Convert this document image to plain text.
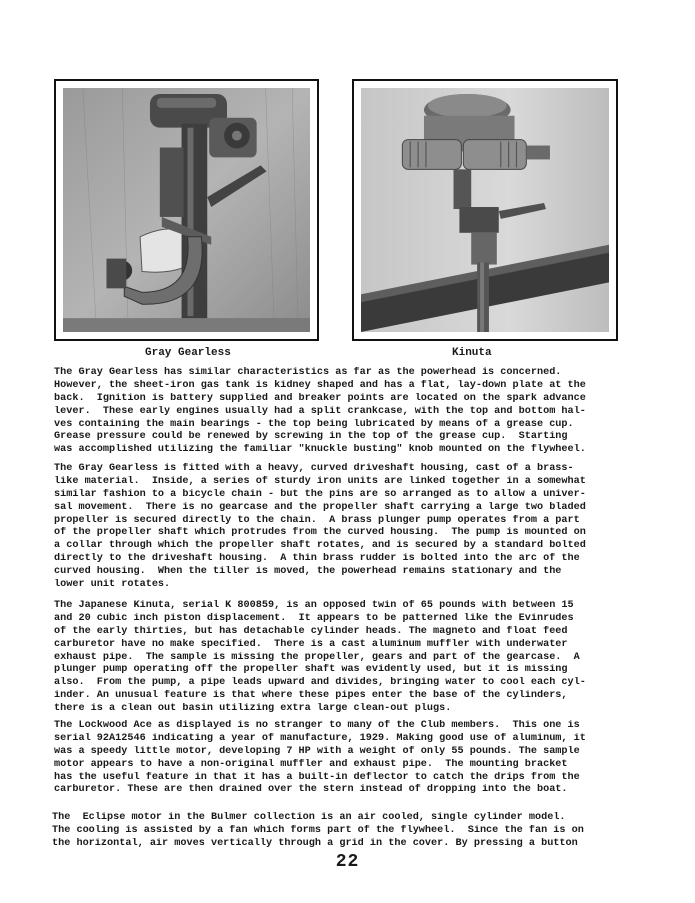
Gray Gearless	Kinuta
The Gray Gearless has similar characteristics as far as the powerhead is concerned.
However, the sheet-iron gas tank is kidney shaped and has a flat, lay-down plate at the
back.  Ignition is battery supplied and breaker points are located on the spark advance
lever.  These early engines usually had a split crankcase, with the top and bottom hal-
ves containing the main bearings - the top being lubricated by means of a grease cup.
Grease pressure could be renewed by screwing in the top of the grease cup.  Starting
was accomplished utilizing the familiar "knuckle busting" knob mounted on the flywheel.
The Gray Gearless is fitted with a heavy, curved driveshaft housing, cast of a brass-
like material.  Inside, a series of sturdy iron units are linked together in a somewhat
similar fashion to a bicycle chain - but the pins are so arranged as to allow a univer-
sal movement.  There is no gearcase and the propeller shaft carrying a large two bladed
propeller is secured directly to the chain.  A brass plunger pump operates from a part
of the propeller shaft which protrudes from the curved housing.  The pump is mounted on
a collar through which the propeller shaft rotates, and is secured by a standard bolted
directly to the driveshaft housing.  A thin brass rudder is bolted into the arc of the
curved housing.  When the tiller is moved, the powerhead remains stationary and the
lower unit rotates.
The Japanese Kinuta, serial K 800859, is an opposed twin of 65 pounds with between 15
and 20 cubic inch piston displacement.  It appears to be patterned like the Evinrudes
of the early thirties, but has detachable cylinder heads. The magneto and float feed
carburetor have no make specified.  There is a cast aluminum muffler with underwater
exhaust pipe.  The sample is missing the propeller, gears and part of the gearcase.  A
plunger pump operating off the propeller shaft was evidently used, but it is missing
also.  From the pump, a pipe leads upward and divides, bringing water to cool each cyl-
inder. An unusual feature is that where these pipes enter the base of the cylinders,
there is a clean out basin utilizing extra large clean-out plugs.
The Lockwood Ace as displayed is no stranger to many of the Club members.  This one is
serial 92A12546 indicating a year of manufacture, 1929. Making good use of aluminum, it
was a speedy little motor, developing 7 HP with a weight of only 55 pounds. The sample
motor appears to have a non-original muffler and exhaust pipe.  The mounting bracket
has the useful feature in that it has a built-in deflector to catch the drips from the
carburetor. These are then drained over the stern instead of dropping into the boat.
The  Eclipse motor in the Bulmer collection is an air cooled, single cylinder model.
The cooling is assisted by a fan which forms part of the flywheel.  Since the fan is on
the horizontal, air moves vertically through a grid in the cover. By pressing a button
22
